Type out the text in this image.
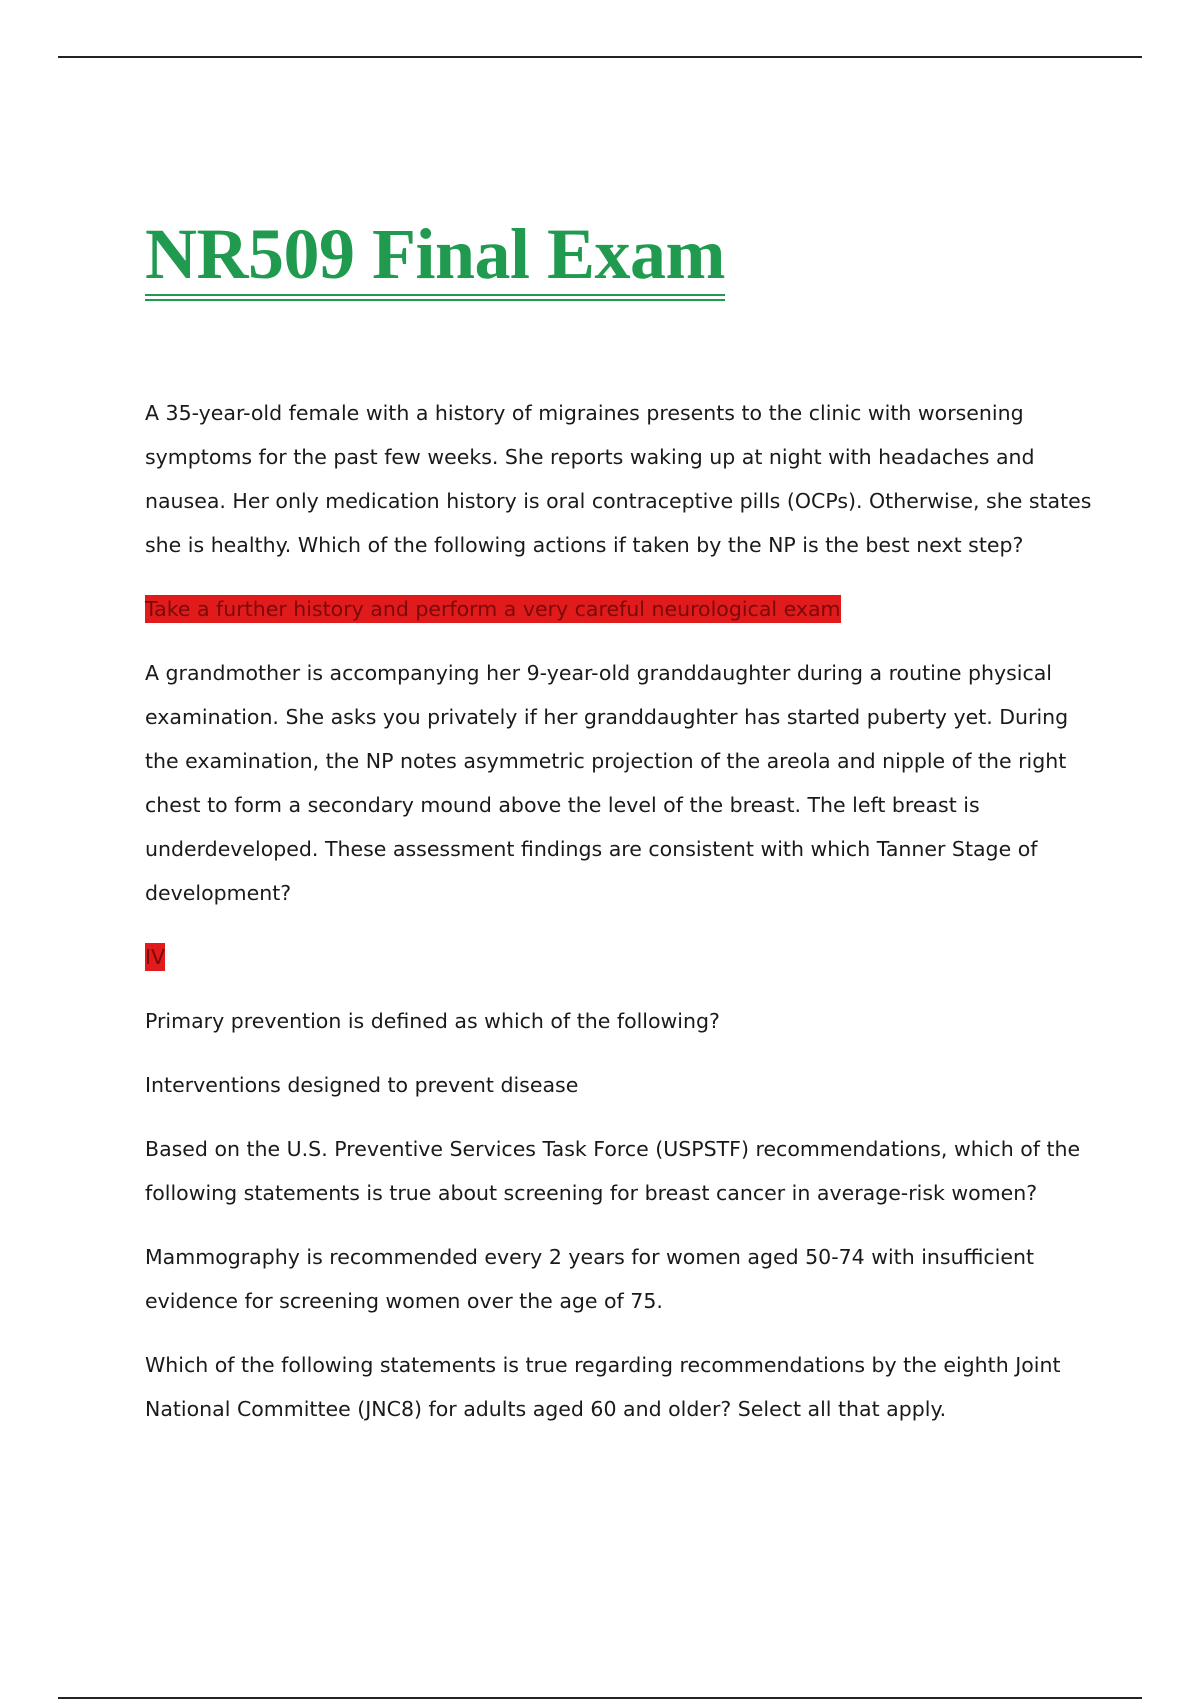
NR509 Final Exam

A 35-year-old female with a history of migraines presents to the clinic with worsening symptoms for the past few weeks. She reports waking up at night with headaches and nausea. Her only medication history is oral contraceptive pills (OCPs). Otherwise, she states she is healthy. Which of the following actions if taken by the NP is the best next step?

Take a further history and perform a very careful neurological exam

A grandmother is accompanying her 9-year-old granddaughter during a routine physical examination. She asks you privately if her granddaughter has started puberty yet. During the examination, the NP notes asymmetric projection of the areola and nipple of the right chest to form a secondary mound above the level of the breast. The left breast is underdeveloped. These assessment findings are consistent with which Tanner Stage of development?

IV

Primary prevention is defined as which of the following?

Interventions designed to prevent disease

Based on the U.S. Preventive Services Task Force (USPSTF) recommendations, which of the following statements is true about screening for breast cancer in average-risk women?

Mammography is recommended every 2 years for women aged 50-74 with insufficient evidence for screening women over the age of 75.

Which of the following statements is true regarding recommendations by the eighth Joint National Committee (JNC8) for adults aged 60 and older? Select all that apply.
